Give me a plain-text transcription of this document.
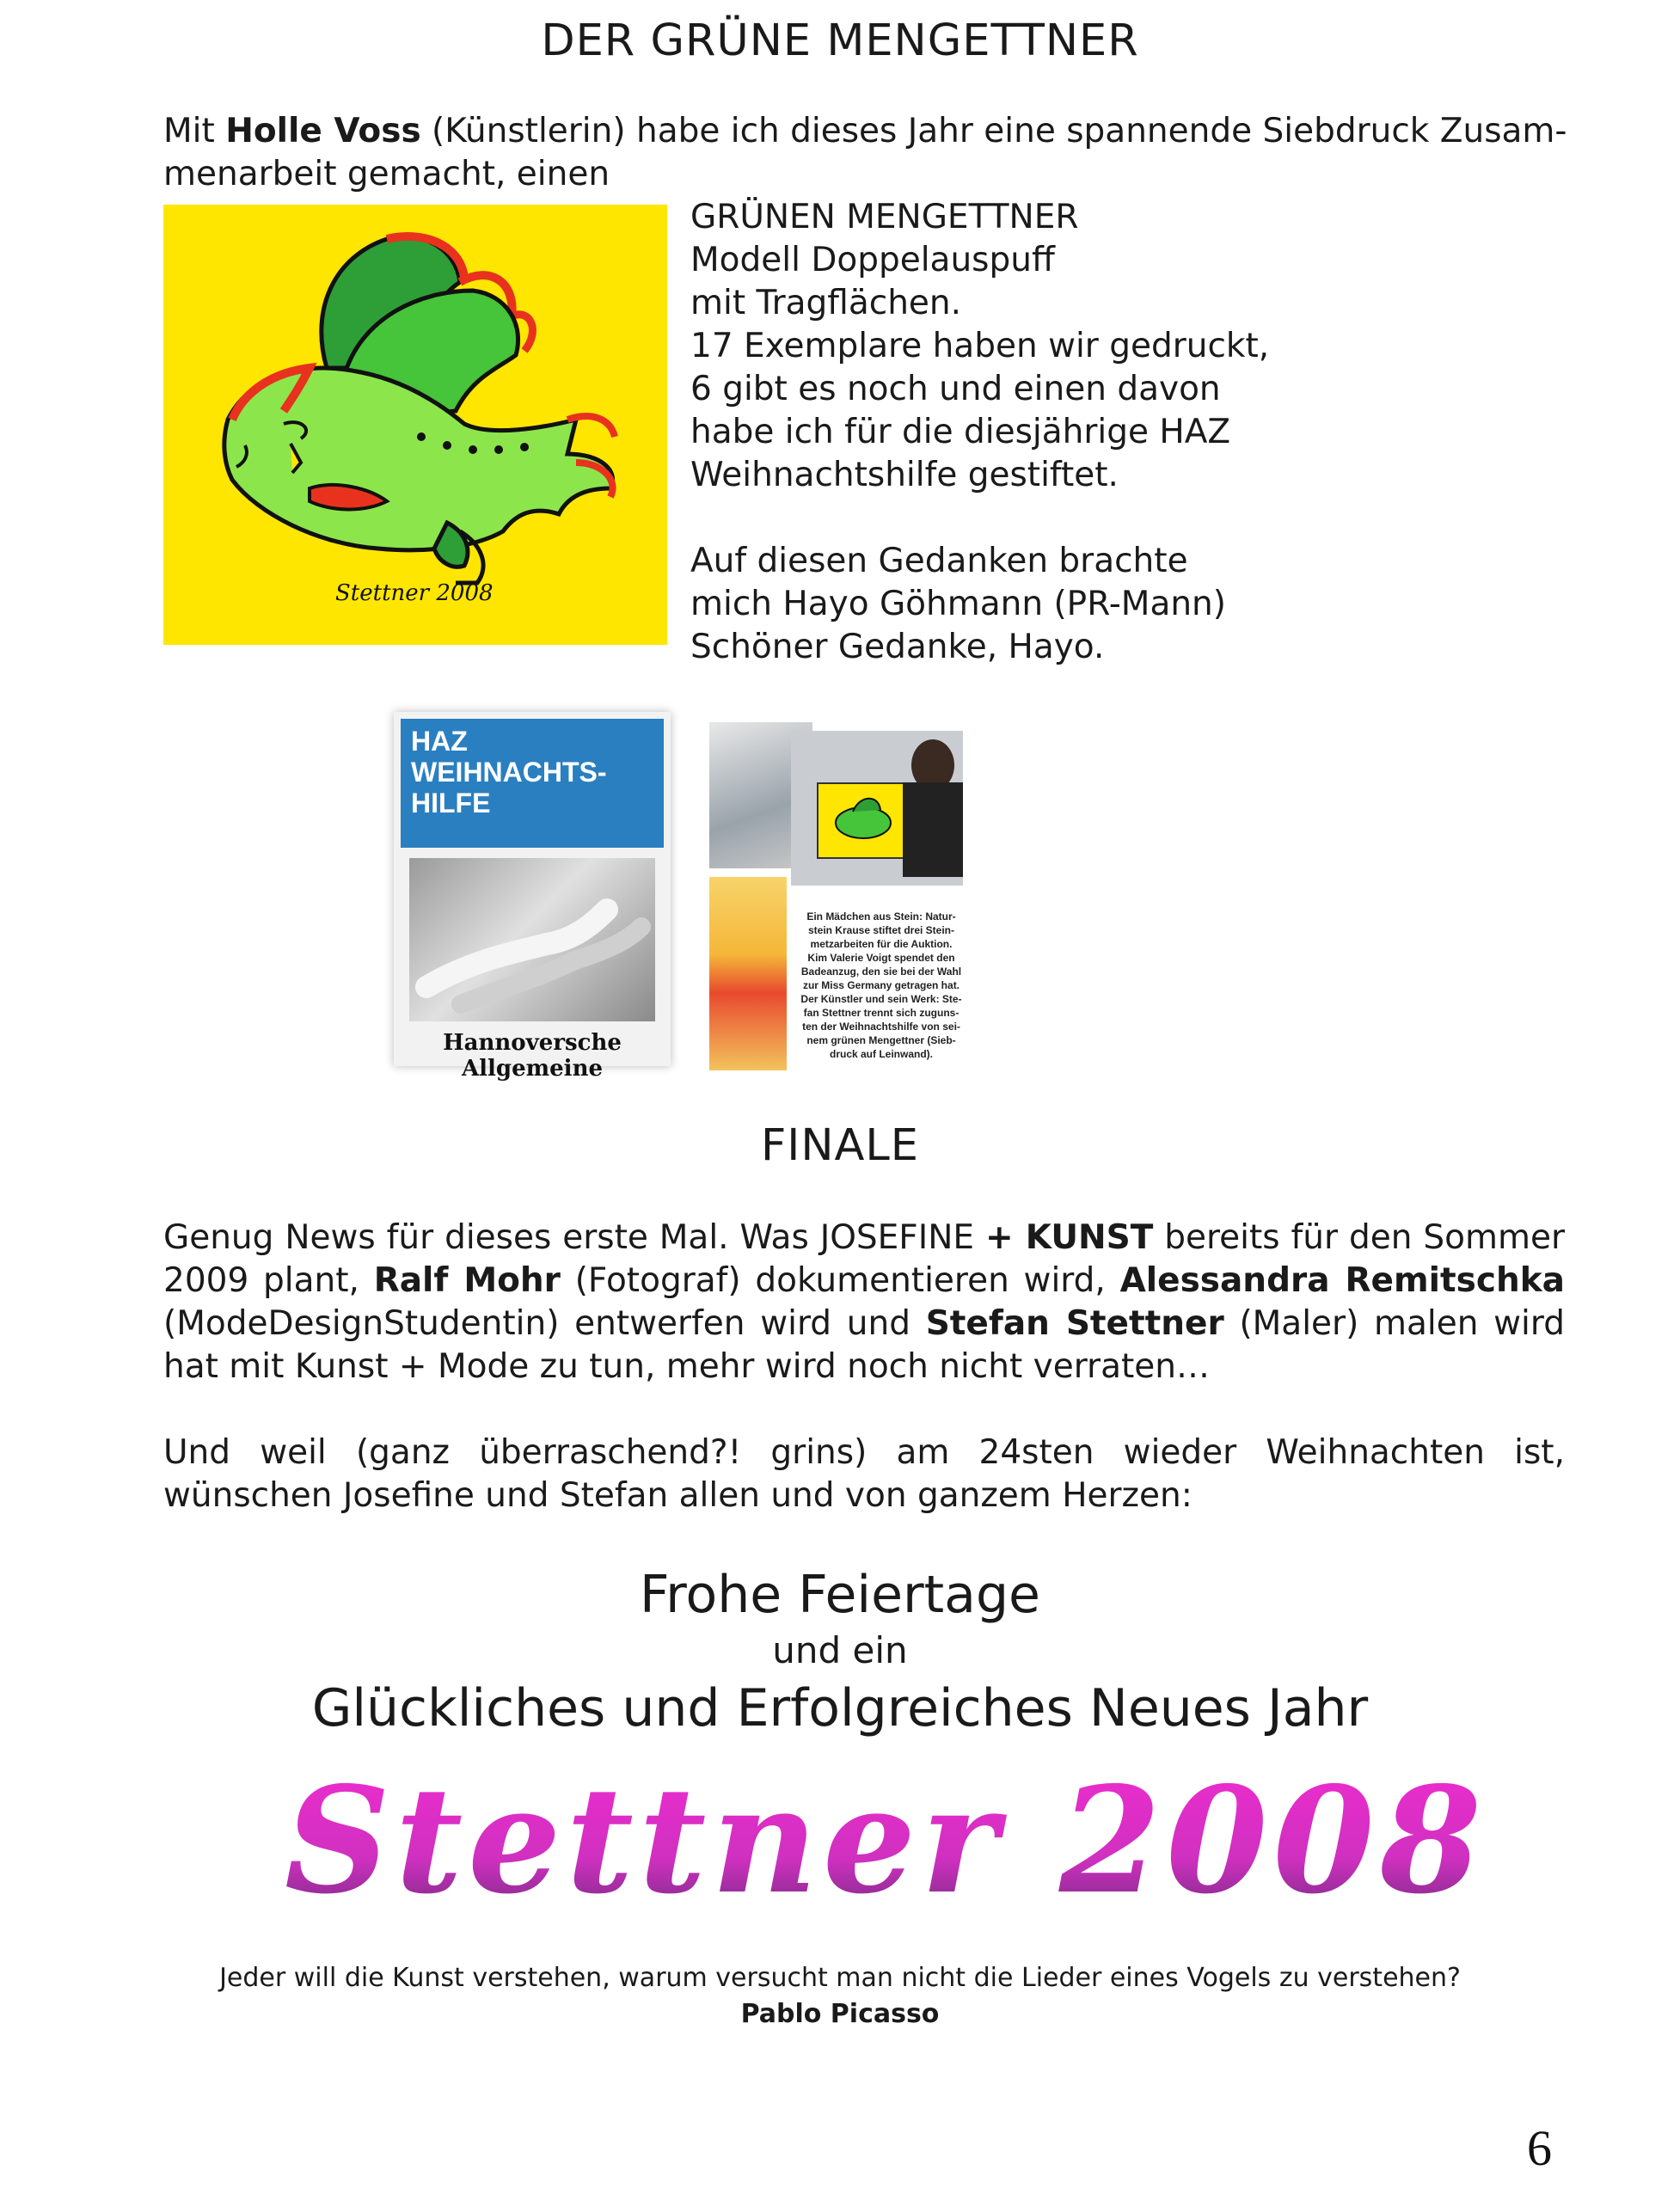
DER GRÜNE MENGETTNER
Mit Holle Voss (Künstlerin) habe ich dieses Jahr eine spannende Siebdruck Zusam-
menarbeit gemacht, einen
Stettner 2008
GRÜNEN MENGETTNER
Modell Doppelauspuff
mit Tragflächen.
17 Exemplare haben wir gedruckt,
6 gibt es noch und einen davon
habe ich für die diesjährige HAZ
Weihnachtshilfe gestiftet.
Auf diesen Gedanken brachte
mich Hayo Göhmann (PR-Mann)
Schöner Gedanke, Hayo.
HAZ
WEIHNACHTS-
HILFE
Hannoversche Allgemeine
Ein Mädchen aus Stein: Natur-
stein Krause stiftet drei Stein-
metzarbeiten für die Auktion.
Kim Valerie Voigt spendet den
Badeanzug, den sie bei der Wahl
zur Miss Germany getragen hat.
Der Künstler und sein Werk: Ste-
fan Stettner trennt sich zuguns-
ten der Weihnachtshilfe von sei-
nem grünen Mengettner (Sieb-
druck auf Leinwand).
FINALE
Genug News für dieses erste Mal. Was JOSEFINE + KUNST bereits für den Sommer 2009 plant, Ralf Mohr (Fotograf) dokumentieren wird, Alessandra Remitschka (ModeDesignStudentin) entwerfen wird und Stefan Stettner (Maler) malen wird hat mit Kunst + Mode zu tun, mehr wird noch nicht verraten…
Und weil (ganz überraschend?! grins) am 24sten wieder Weihnachten ist, wünschen Josefine und Stefan allen und von ganzem Herzen:
Frohe Feiertage
und ein
Glückliches und Erfolgreiches Neues Jahr
Stettner 2008
Jeder will die Kunst verstehen, warum versucht man nicht die Lieder eines Vogels zu verstehen?
Pablo Picasso
6
